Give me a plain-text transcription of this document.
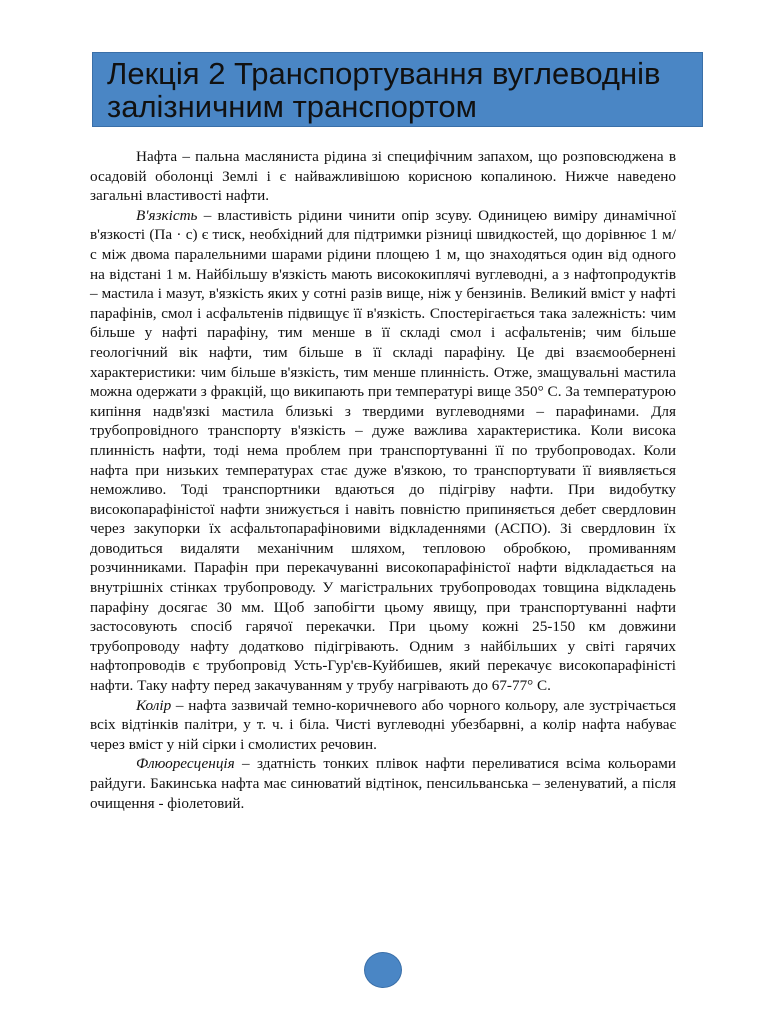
Лекція 2 Транспортування вуглеводнів
залізничним транспортом

Нафта – пальна масляниста рідина зі специфічним запахом, що розповсюджена в осадовій оболонці Землі і є найважливішою корисною копалиною. Нижче наведено загальні властивості нафти.

В'язкість – властивість рідини чинити опір зсуву. Одиницею виміру динамічної в'язкості (Па · с) є тиск, необхідний для підтримки різниці швидкостей, що дорівнює 1 м/с між двома паралельними шарами рідини площею 1 м, що знаходяться один від одного на відстані 1 м. Найбільшу в'язкість мають висококиплячі вуглеводні, а з нафтопродуктів – мастила і мазут, в'язкість яких у сотні разів вище, ніж у бензинів. Великий вміст у нафті парафінів, смол і асфальтенів підвищує її в'язкість. Спостерігається така залежність: чим більше у нафті парафіну, тим менше в її складі смол і асфальтенів; чим більше геологічний вік нафти, тим більше в її складі парафіну. Це дві взаємообернені характеристики: чим більше в'язкість, тим менше плинність. Отже, змащувальні мастила можна одержати з фракцій, що википають при температурі вище 350° С. За температурою кипіння надв'язкі мастила близькі з твердими вуглеводнями – парафинами. Для трубопровідного транспорту в'язкість – дуже важлива характеристика. Коли висока плинність нафти, тоді нема проблем при транспортуванні її по трубопроводах. Коли нафта при низьких температурах стає дуже в'язкою, то транспортувати її виявляється неможливо. Тоді транспортники вдаються до підігріву нафти. При видобутку високопарафіністої нафти знижується і навіть повністю припиняється дебет свердловин через закупорки їх асфальтопарафіновими відкладеннями (АСПО). Зі свердловин їх доводиться видаляти механічним шляхом, тепловою обробкою, промиванням розчинниками. Парафін при перекачуванні високопарафіністої нафти відкладається на внутрішніх стінках трубопроводу. У магістральних трубопроводах товщина відкладень парафіну досягає 30 мм. Щоб запобігти цьому явищу, при транспортуванні нафти застосовують спосіб гарячої перекачки. При цьому кожні 25-150 км довжини трубопроводу нафту додатково підігрівають. Одним з найбільших у світі гарячих нафтопроводів є трубопровід Усть-Гур'єв-Куйбишев, який перекачує високопарафіністі нафти. Таку нафту перед закачуванням у трубу нагрівають до 67-77° С.

Колір – нафта зазвичай темно-коричневого або чорного кольору, але зустрічається всіх відтінків палітри, у т. ч. і біла. Чисті вуглеводні убезбарвні, а колір нафта набуває через вміст у ній сірки і смолистих речовин.

Флюоресценція – здатність тонких плівок нафти переливатися всіма кольорами райдуги. Бакинська нафта має синюватий відтінок, пенсильванська – зеленуватий, а після очищення - фіолетовий.
